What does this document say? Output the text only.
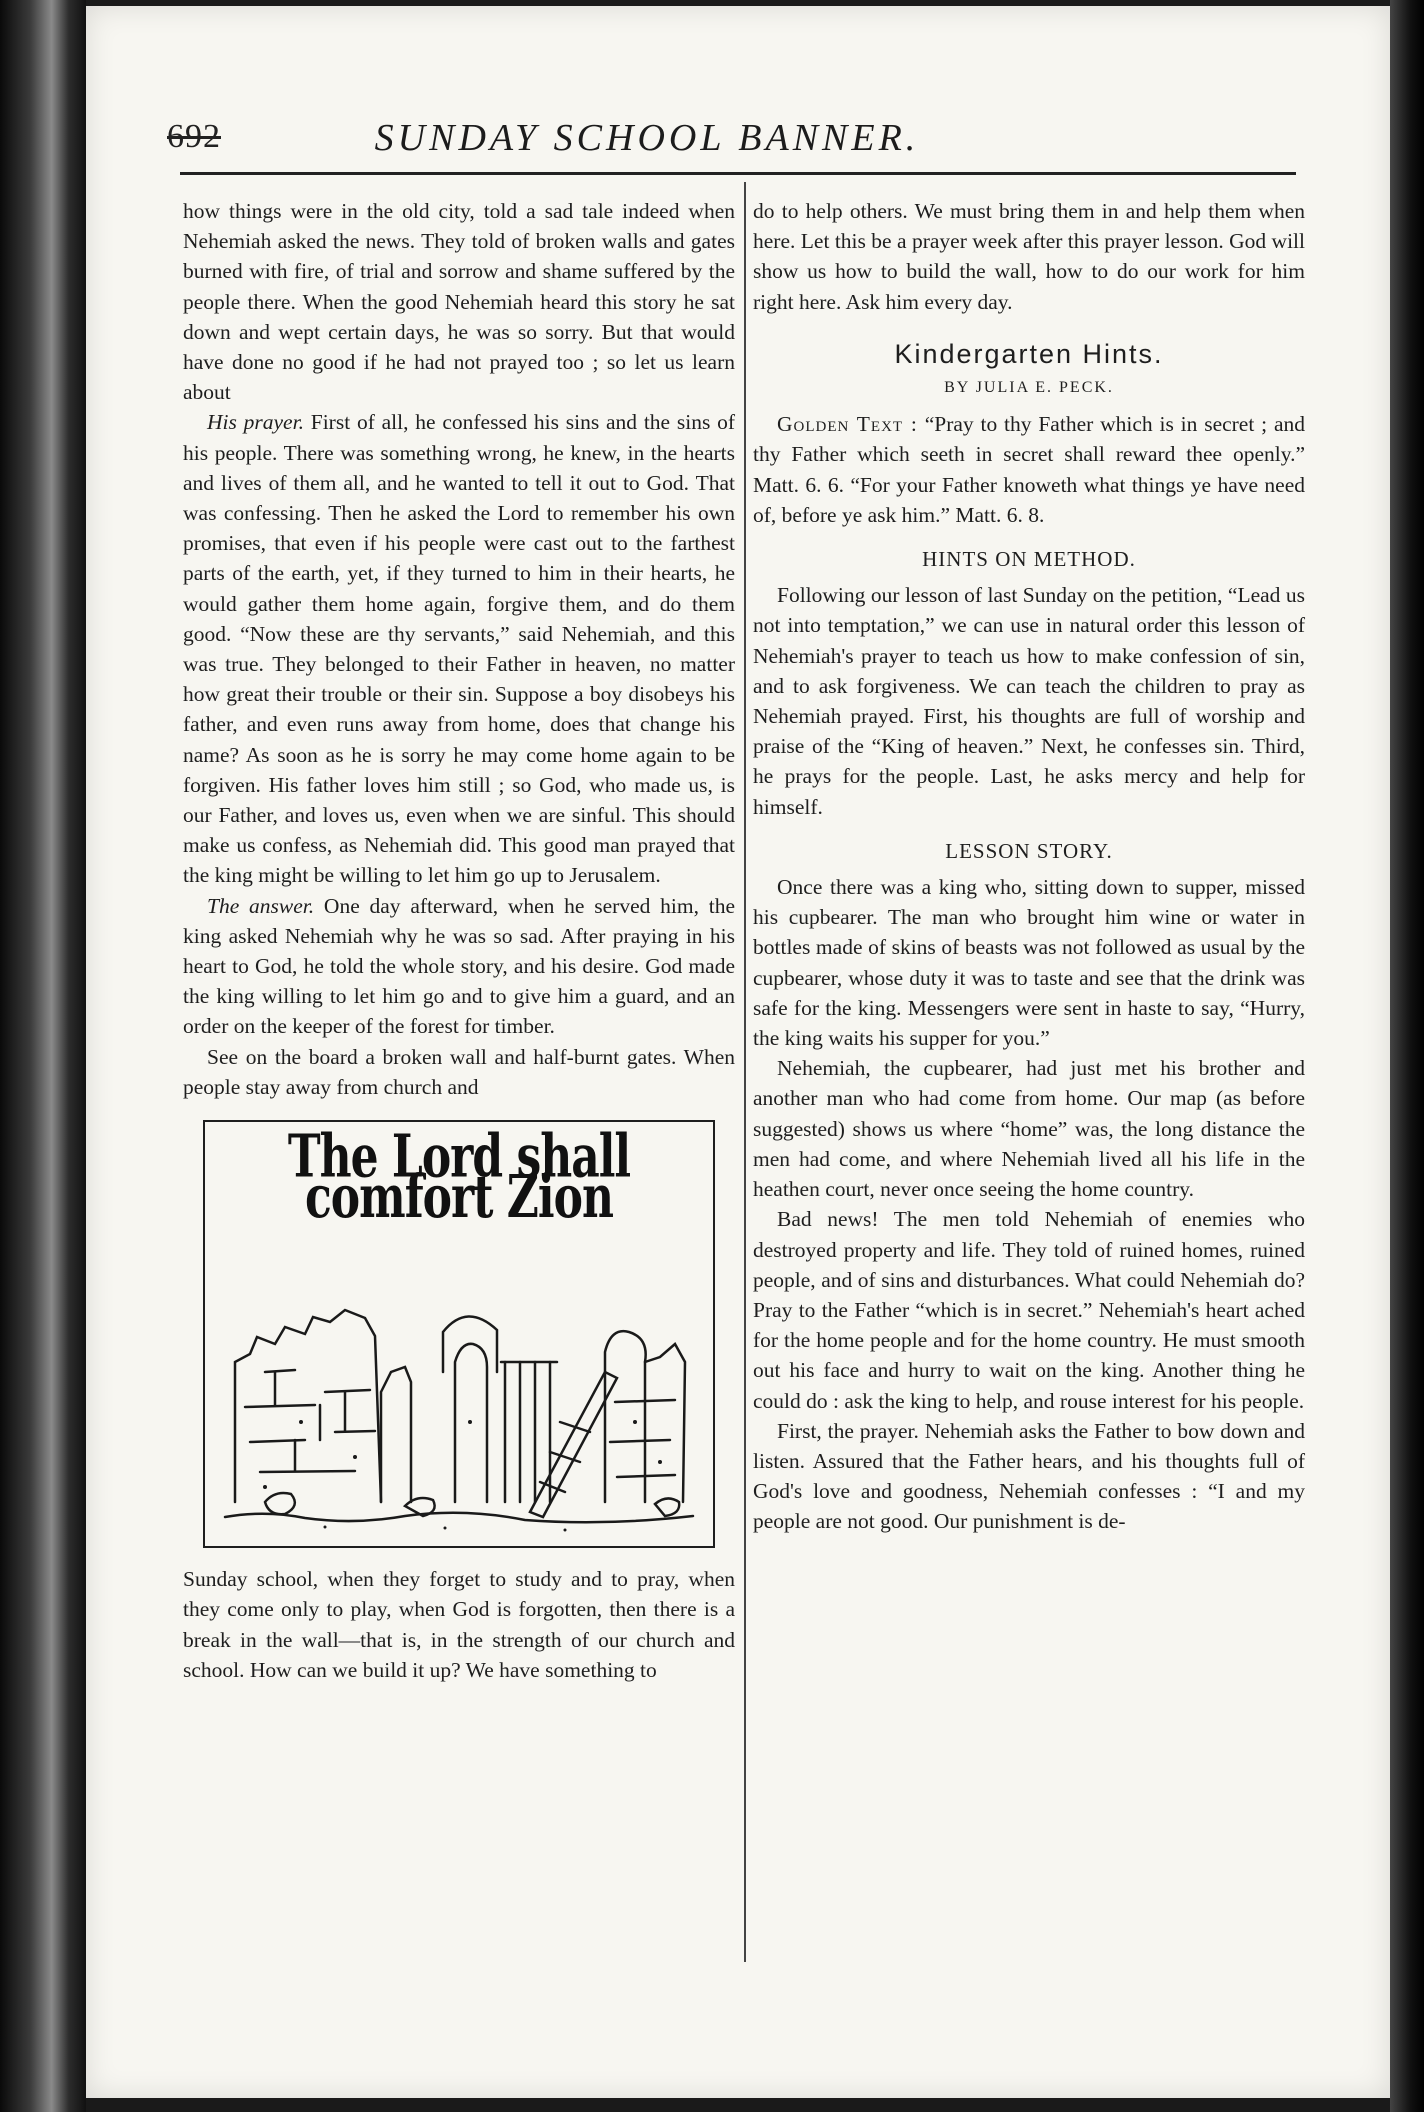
692	SUNDAY SCHOOL BANNER.

how things were in the old city, told a sad tale indeed when Nehemiah asked the news. They told of broken walls and gates burned with fire, of trial and sorrow and shame suffered by the people there. When the good Nehemiah heard this story he sat down and wept certain days, he was so sorry. But that would have done no good if he had not prayed too ; so let us learn about

His prayer. First of all, he confessed his sins and the sins of his people. There was something wrong, he knew, in the hearts and lives of them all, and he wanted to tell it out to God. That was confessing. Then he asked the Lord to remember his own promises, that even if his people were cast out to the farthest parts of the earth, yet, if they turned to him in their hearts, he would gather them home again, forgive them, and do them good. “Now these are thy servants,” said Nehemiah, and this was true. They belonged to their Father in heaven, no matter how great their trouble or their sin. Suppose a boy disobeys his father, and even runs away from home, does that change his name? As soon as he is sorry he may come home again to be forgiven. His father loves him still ; so God, who made us, is our Father, and loves us, even when we are sinful. This should make us confess, as Nehemiah did. This good man prayed that the king might be willing to let him go up to Jerusalem.

The answer. One day afterward, when he served him, the king asked Nehemiah why he was so sad. After praying in his heart to God, he told the whole story, and his desire. God made the king willing to let him go and to give him a guard, and an order on the keeper of the forest for timber.

See on the board a broken wall and half-burnt gates. When people stay away from church and

The Lord shall comfort Zion

Sunday school, when they forget to study and to pray, when they come only to play, when God is forgotten, then there is a break in the wall—that is, in the strength of our church and school. How can we build it up? We have something to

do to help others. We must bring them in and help them when here. Let this be a prayer week after this prayer lesson. God will show us how to build the wall, how to do our work for him right here. Ask him every day.

Kindergarten Hints.
BY JULIA E. PECK.

Golden Text : “Pray to thy Father which is in secret ; and thy Father which seeth in secret shall reward thee openly.” Matt. 6. 6. “For your Father knoweth what things ye have need of, before ye ask him.” Matt. 6. 8.

HINTS ON METHOD.

Following our lesson of last Sunday on the petition, “Lead us not into temptation,” we can use in natural order this lesson of Nehemiah's prayer to teach us how to make confession of sin, and to ask forgiveness. We can teach the children to pray as Nehemiah prayed. First, his thoughts are full of worship and praise of the “King of heaven.” Next, he confesses sin. Third, he prays for the people. Last, he asks mercy and help for himself.

LESSON STORY.

Once there was a king who, sitting down to supper, missed his cupbearer. The man who brought him wine or water in bottles made of skins of beasts was not followed as usual by the cupbearer, whose duty it was to taste and see that the drink was safe for the king. Messengers were sent in haste to say, “Hurry, the king waits his supper for you.”

Nehemiah, the cupbearer, had just met his brother and another man who had come from home. Our map (as before suggested) shows us where “home” was, the long distance the men had come, and where Nehemiah lived all his life in the heathen court, never once seeing the home country.

Bad news! The men told Nehemiah of enemies who destroyed property and life. They told of ruined homes, ruined people, and of sins and disturbances. What could Nehemiah do? Pray to the Father “which is in secret.” Nehemiah's heart ached for the home people and for the home country. He must smooth out his face and hurry to wait on the king. Another thing he could do : ask the king to help, and rouse interest for his people.

First, the prayer. Nehemiah asks the Father to bow down and listen. Assured that the Father hears, and his thoughts full of God's love and goodness, Nehemiah confesses : “I and my people are not good. Our punishment is de-
